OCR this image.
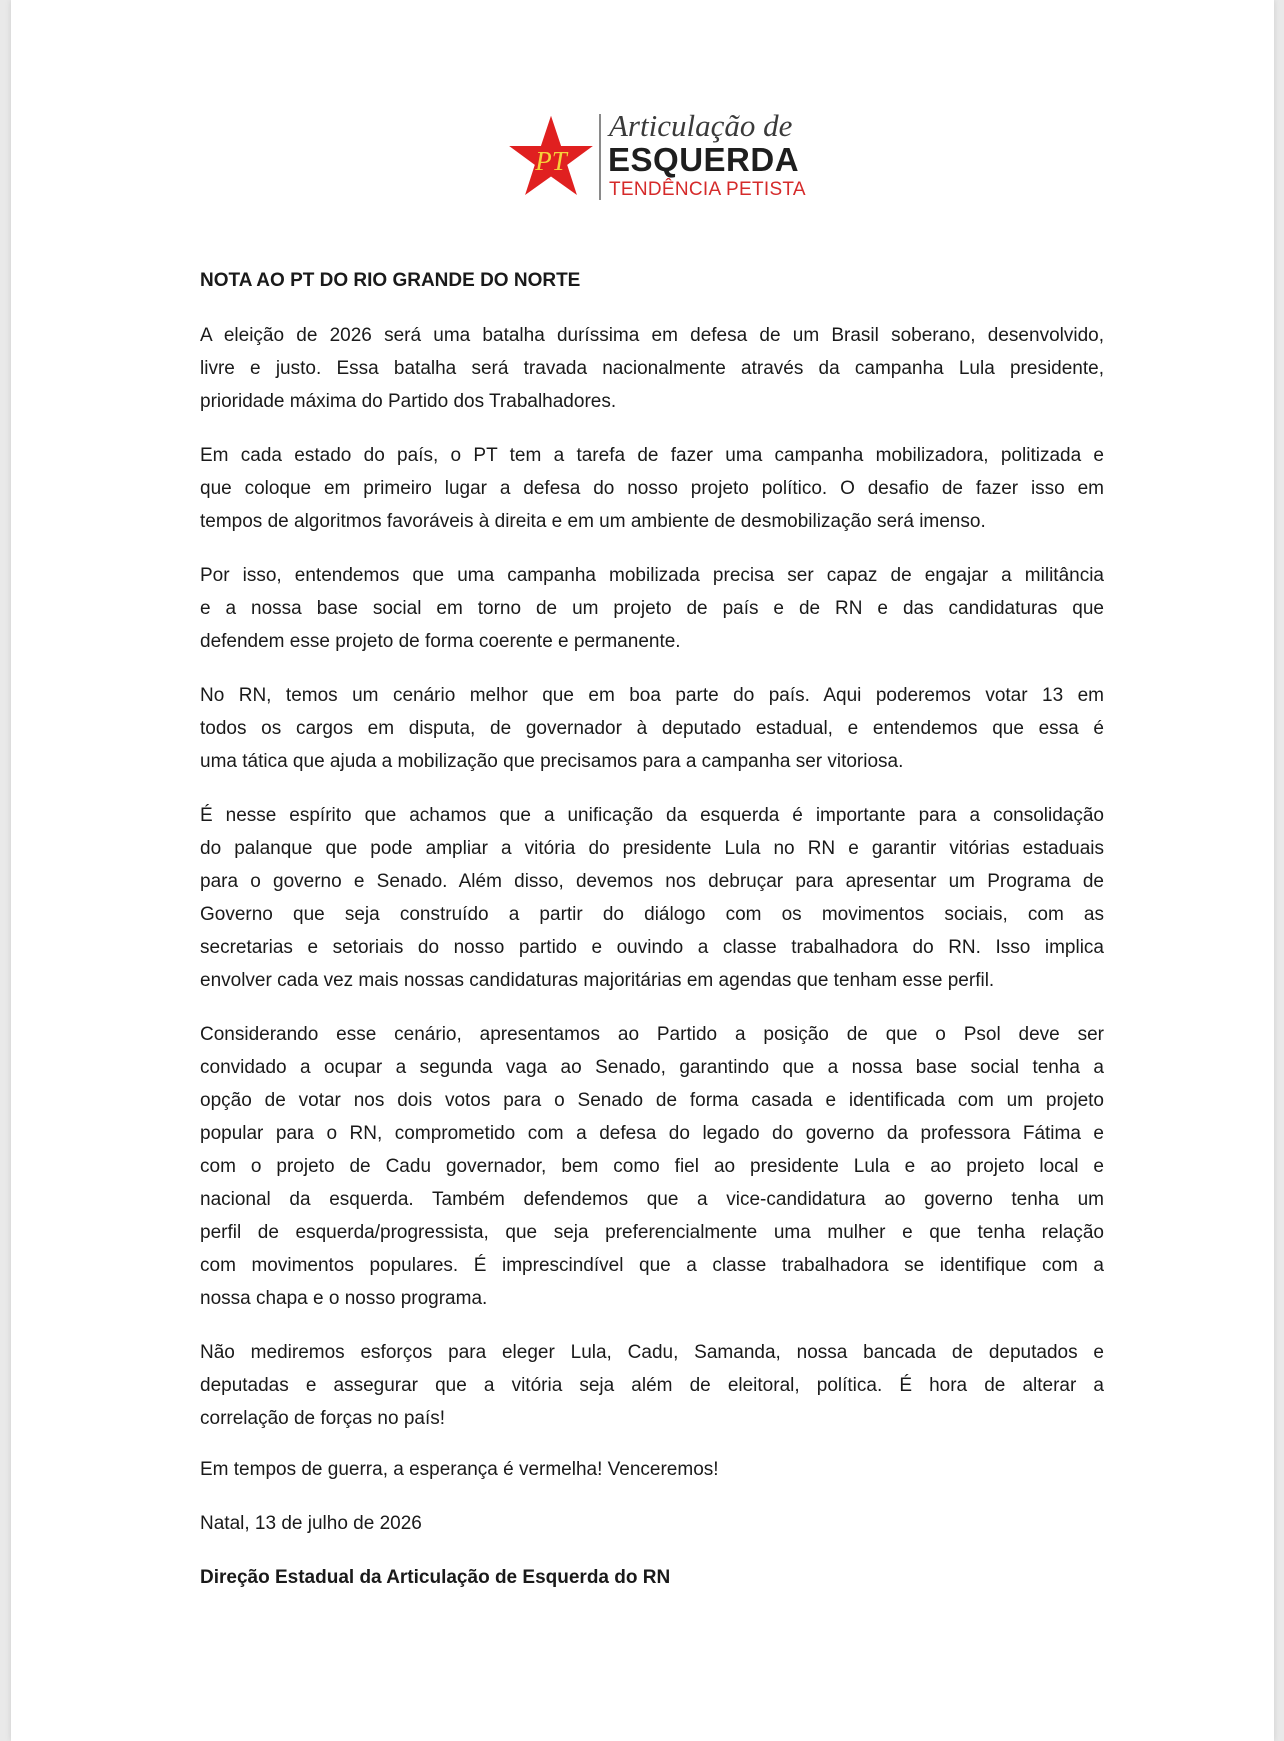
PT
Articulação de
ESQUERDA
TENDÊNCIA PETISTA
NOTA AO PT DO RIO GRANDE DO NORTE
A eleição de 2026 será uma batalha duríssima em defesa de um Brasil soberano, desenvolvido,
livre e justo. Essa batalha será travada nacionalmente através da campanha Lula presidente,
prioridade máxima do Partido dos Trabalhadores.
Em cada estado do país, o PT tem a tarefa de fazer uma campanha mobilizadora, politizada e
que coloque em primeiro lugar a defesa do nosso projeto político. O desafio de fazer isso em
tempos de algoritmos favoráveis à direita e em um ambiente de desmobilização será imenso.
Por isso, entendemos que uma campanha mobilizada precisa ser capaz de engajar a militância
e a nossa base social em torno de um projeto de país e de RN e das candidaturas que
defendem esse projeto de forma coerente e permanente.
No RN, temos um cenário melhor que em boa parte do país. Aqui poderemos votar 13 em
todos os cargos em disputa, de governador à deputado estadual, e entendemos que essa é
uma tática que ajuda a mobilização que precisamos para a campanha ser vitoriosa.
É nesse espírito que achamos que a unificação da esquerda é importante para a consolidação
do palanque que pode ampliar a vitória do presidente Lula no RN e garantir vitórias estaduais
para o governo e Senado. Além disso, devemos nos debruçar para apresentar um Programa de
Governo que seja construído a partir do diálogo com os movimentos sociais, com as
secretarias e setoriais do nosso partido e ouvindo a classe trabalhadora do RN. Isso implica
envolver cada vez mais nossas candidaturas majoritárias em agendas que tenham esse perfil.
Considerando esse cenário, apresentamos ao Partido a posição de que o Psol deve ser
convidado a ocupar a segunda vaga ao Senado, garantindo que a nossa base social tenha a
opção de votar nos dois votos para o Senado de forma casada e identificada com um projeto
popular para o RN, comprometido com a defesa do legado do governo da professora Fátima e
com o projeto de Cadu governador, bem como fiel ao presidente Lula e ao projeto local e
nacional da esquerda. Também defendemos que a vice-candidatura ao governo tenha um
perfil de esquerda/progressista, que seja preferencialmente uma mulher e que tenha relação
com movimentos populares. É imprescindível que a classe trabalhadora se identifique com a
nossa chapa e o nosso programa.
Não mediremos esforços para eleger Lula, Cadu, Samanda, nossa bancada de deputados e
deputadas e assegurar que a vitória seja além de eleitoral, política. É hora de alterar a
correlação de forças no país!
Em tempos de guerra, a esperança é vermelha! Venceremos!
Natal, 13 de julho de 2026
Direção Estadual da Articulação de Esquerda do RN
